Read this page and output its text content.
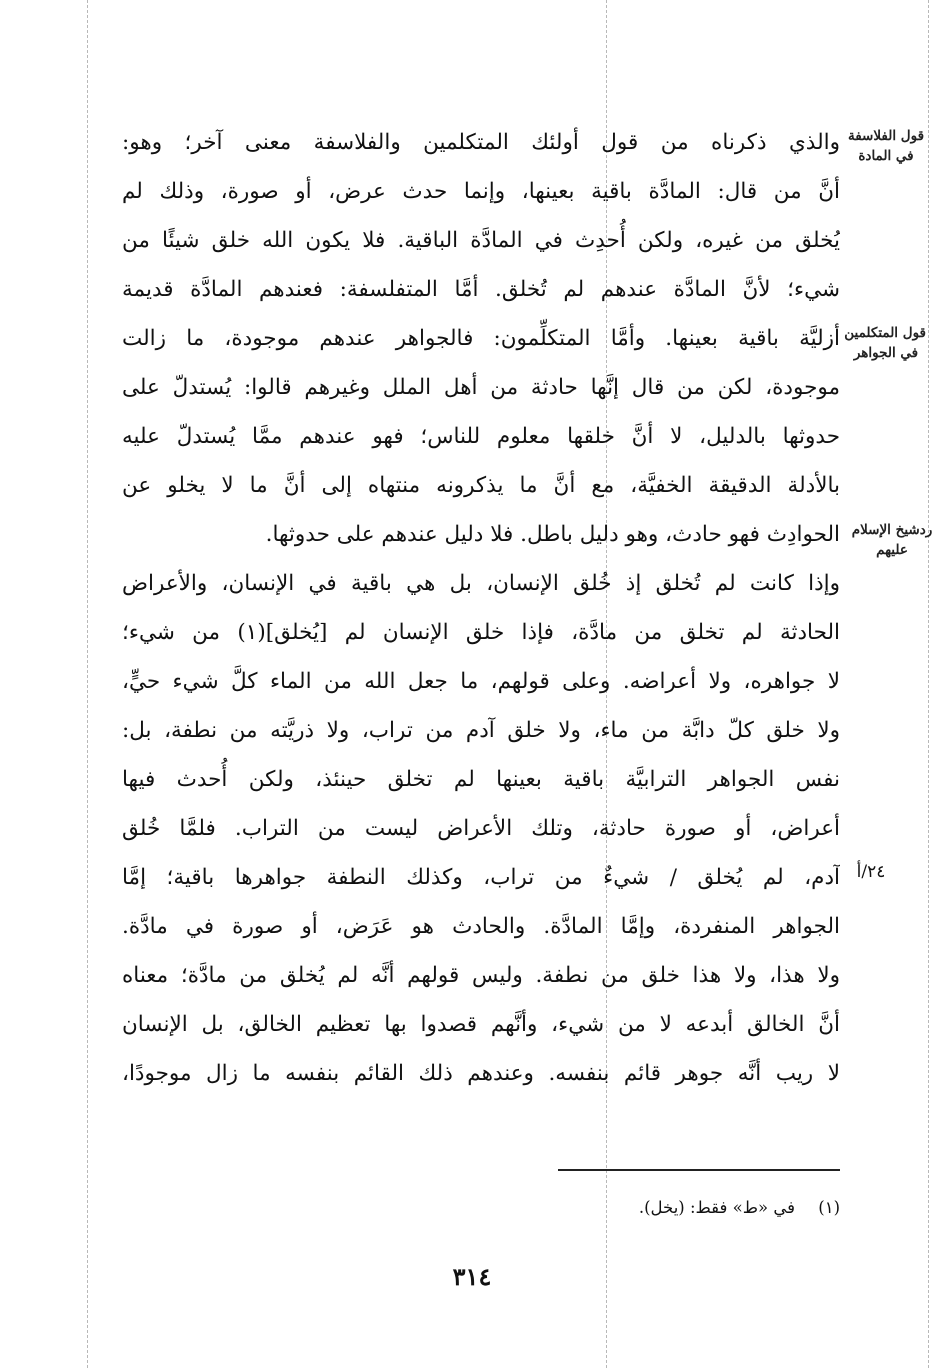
والذي ذكرناه من قول أولئك المتكلمين والفلاسفة معنى آخر؛ وهو:
أنَّ من قال: المادَّة باقية بعينها، وإنما حدث عرض، أو صورة، وذلك لم
يُخلق من غيره، ولكن أُحدِث في المادَّة الباقية. فلا يكون الله خلق شيئًا من
شيء؛ لأنَّ المادَّة عندهم لم تُخلق. أمَّا المتفلسفة: فعندهم المادَّة قديمة
أزليَّة باقية بعينها. وأمَّا المتكلِّمون: فالجواهر عندهم موجودة، ما زالت
موجودة، لكن من قال إنَّها حادثة من أهل الملل وغيرهم قالوا: يُستدلّ على
حدوثها بالدليل، لا أنَّ خلقها معلوم للناس؛ فهو عندهم ممَّا يُستدلّ عليه
بالأدلة الدقيقة الخفيَّة، مع أنَّ ما يذكرونه منتهاه إلى أنَّ ما لا يخلو عن
الحوادِث فهو حادث، وهو دليل باطل. فلا دليل عندهم على حدوثها.
وإذا كانت لم تُخلق إذ خُلق الإنسان، بل هي باقية في الإنسان، والأعراض
الحادثة لم تخلق من مادَّة، فإذا خلق الإنسان لم [يُخلق](١) من شيء؛
لا جواهره، ولا أعراضه. وعلى قولهم، ما جعل الله من الماء كلَّ شيء حيٍّ،
ولا خلق كلّ دابَّة من ماء، ولا خلق آدم من تراب، ولا ذريَّته من نطفة، بل:
نفس الجواهر الترابيَّة باقية بعينها لم تخلق حينئذ، ولكن أُحدث فيها
أعراض، أو صورة حادثة، وتلك الأعراض ليست من التراب. فلمَّا خُلق
آدم، لم يُخلق / شيءٌ من تراب، وكذلك النطفة جواهرها باقية؛ إمَّا
الجواهر المنفردة، وإمَّا المادَّة. والحادث هو عَرَض، أو صورة في مادَّة.
ولا هذا، ولا هذا خلق من نطفة. وليس قولهم أنَّه لم يُخلق من مادَّة؛ معناه
أنَّ الخالق أبدعه لا من شيء، وأنَّهم قصدوا بها تعظيم الخالق، بل الإنسان
لا ريب أنَّه جوهر قائم بنفسه. وعندهم ذلك القائم بنفسه ما زال موجودًا،
قول الفلاسفة
في المادة
قول المتكلمين
في الجواهر
ردشيخ الإسلام
عليهم
٢٤/أ
(١) في «ط» فقط: (يخل).
٣١٤
